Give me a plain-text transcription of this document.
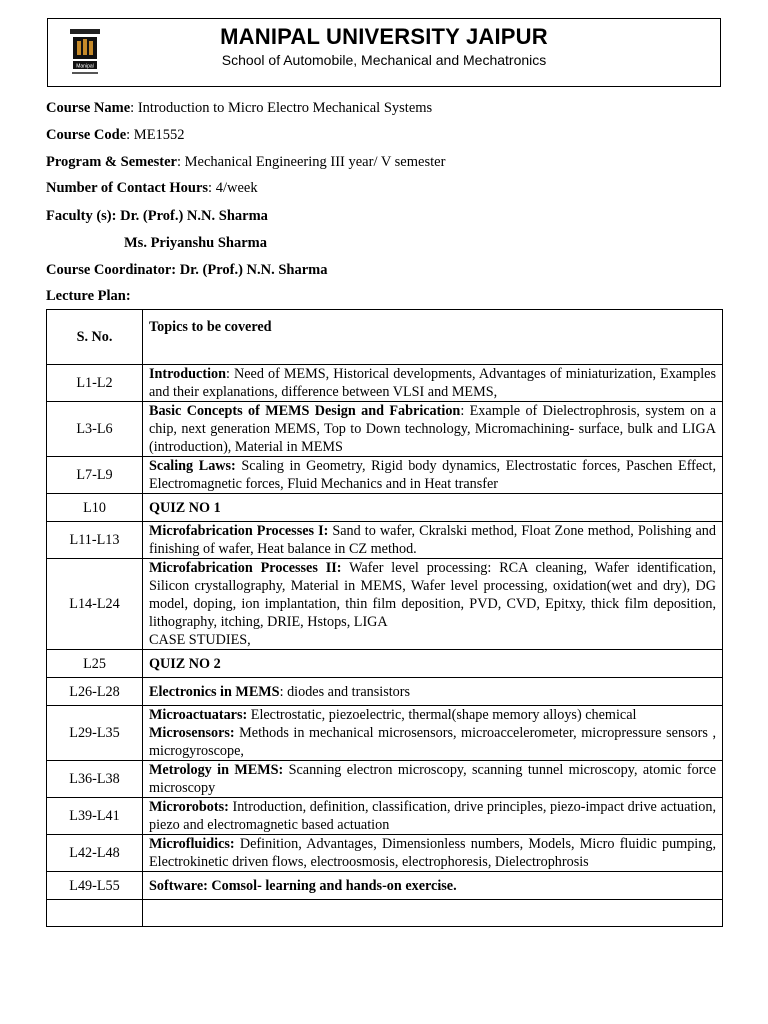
Manipal
MANIPAL UNIVERSITY JAIPUR
School of Automobile, Mechanical and Mechatronics
Course Name: Introduction to Micro Electro Mechanical Systems
Course Code: ME1552
Program & Semester: Mechanical Engineering III year/ V semester
Number of Contact Hours: 4/week
Faculty (s): Dr. (Prof.) N.N. Sharma
Ms. Priyanshu Sharma
Course Coordinator: Dr. (Prof.) N.N. Sharma
Lecture Plan:
S. No.	Topics to be covered
L1-L2	Introduction: Need of MEMS, Historical developments, Advantages of miniaturization, Examples and their explanations, difference between VLSI and MEMS,
L3-L6	Basic Concepts of MEMS Design and Fabrication: Example of Dielectrophrosis, system on a chip, next generation MEMS, Top to Down technology, Micromachining- surface, bulk and LIGA (introduction), Material in MEMS
L7-L9	Scaling Laws: Scaling in Geometry, Rigid body dynamics, Electrostatic forces, Paschen Effect, Electromagnetic forces, Fluid Mechanics and in Heat transfer
L10	QUIZ NO 1
L11-L13	Microfabrication Processes I: Sand to wafer, Ckralski method, Float Zone method, Polishing and finishing of wafer, Heat balance in CZ method.
L14-L24	Microfabrication Processes II: Wafer level processing: RCA cleaning, Wafer identification, Silicon crystallography, Material in MEMS, Wafer level processing, oxidation(wet and dry), DG model, doping, ion implantation, thin film deposition, PVD, CVD, Epitxy, thick film deposition, lithography, itching, DRIE, Hstops, LIGA
CASE STUDIES,
L25	QUIZ NO 2
L26-L28	Electronics in MEMS: diodes and transistors
L29-L35	Microactuatars: Electrostatic, piezoelectric, thermal(shape memory alloys) chemical
Microsensors: Methods in mechanical microsensors, microaccelerometer, micropressure sensors , microgyroscope,
L36-L38	Metrology in MEMS: Scanning electron microscopy, scanning tunnel microscopy, atomic force microscopy
L39-L41	Microrobots: Introduction, definition, classification, drive principles, piezo-impact drive actuation, piezo and electromagnetic based actuation
L42-L48	Microfluidics: Definition, Advantages, Dimensionless numbers, Models, Micro fluidic pumping, Electrokinetic driven flows, electroosmosis, electrophoresis, Dielectrophrosis
L49-L55	Software: Comsol- learning and hands-on exercise.
